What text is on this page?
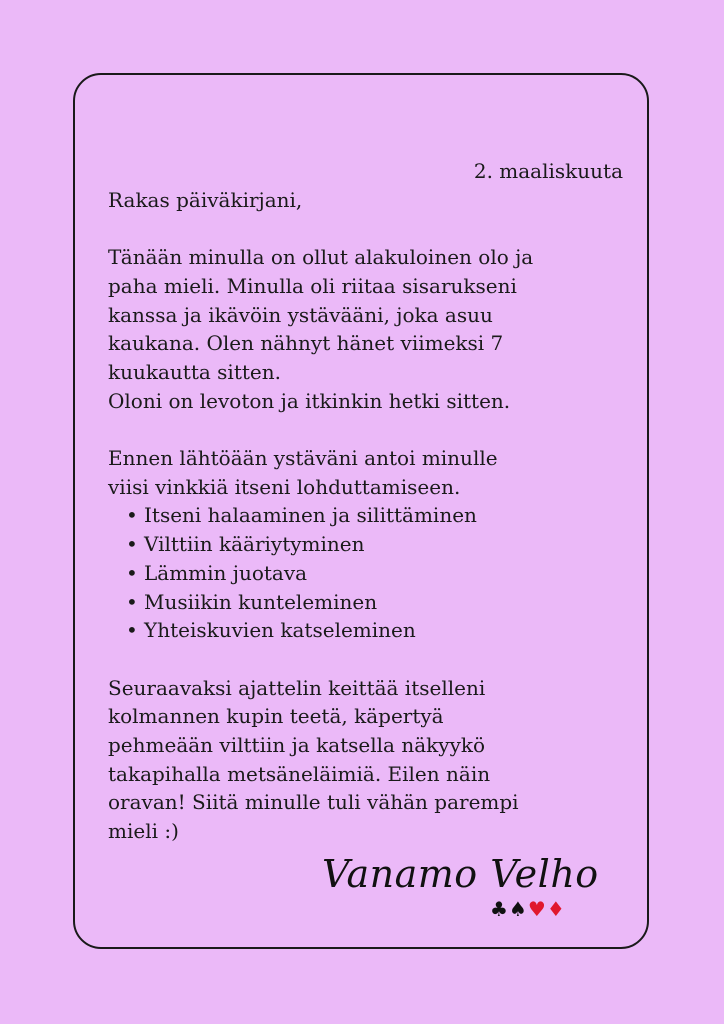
2. maaliskuuta

Rakas päiväkirjani,

Tänään minulla on ollut alakuloinen olo ja

paha mieli. Minulla oli riitaa sisarukseni

kanssa ja ikävöin ystävääni, joka asuu

kaukana. Olen nähnyt hänet viimeksi 7

kuukautta sitten.

Oloni on levoton ja itkinkin hetki sitten.

Ennen lähtöään ystäväni antoi minulle

viisi vinkkiä itseni lohduttamiseen.

• Itseni halaaminen ja silittäminen
• Vilttiin kääriytyminen
• Lämmin juotava
• Musiikin kunteleminen
• Yhteiskuvien katseleminen

Seuraavaksi ajattelin keittää itselleni

kolmannen kupin teetä, käpertyä

pehmeään vilttiin ja katsella näkyykö

takapihalla metsäneläimiä. Eilen näin

oravan! Siitä minulle tuli vähän parempi

mieli :)

Vanamo Velho
♣♠♥♦
